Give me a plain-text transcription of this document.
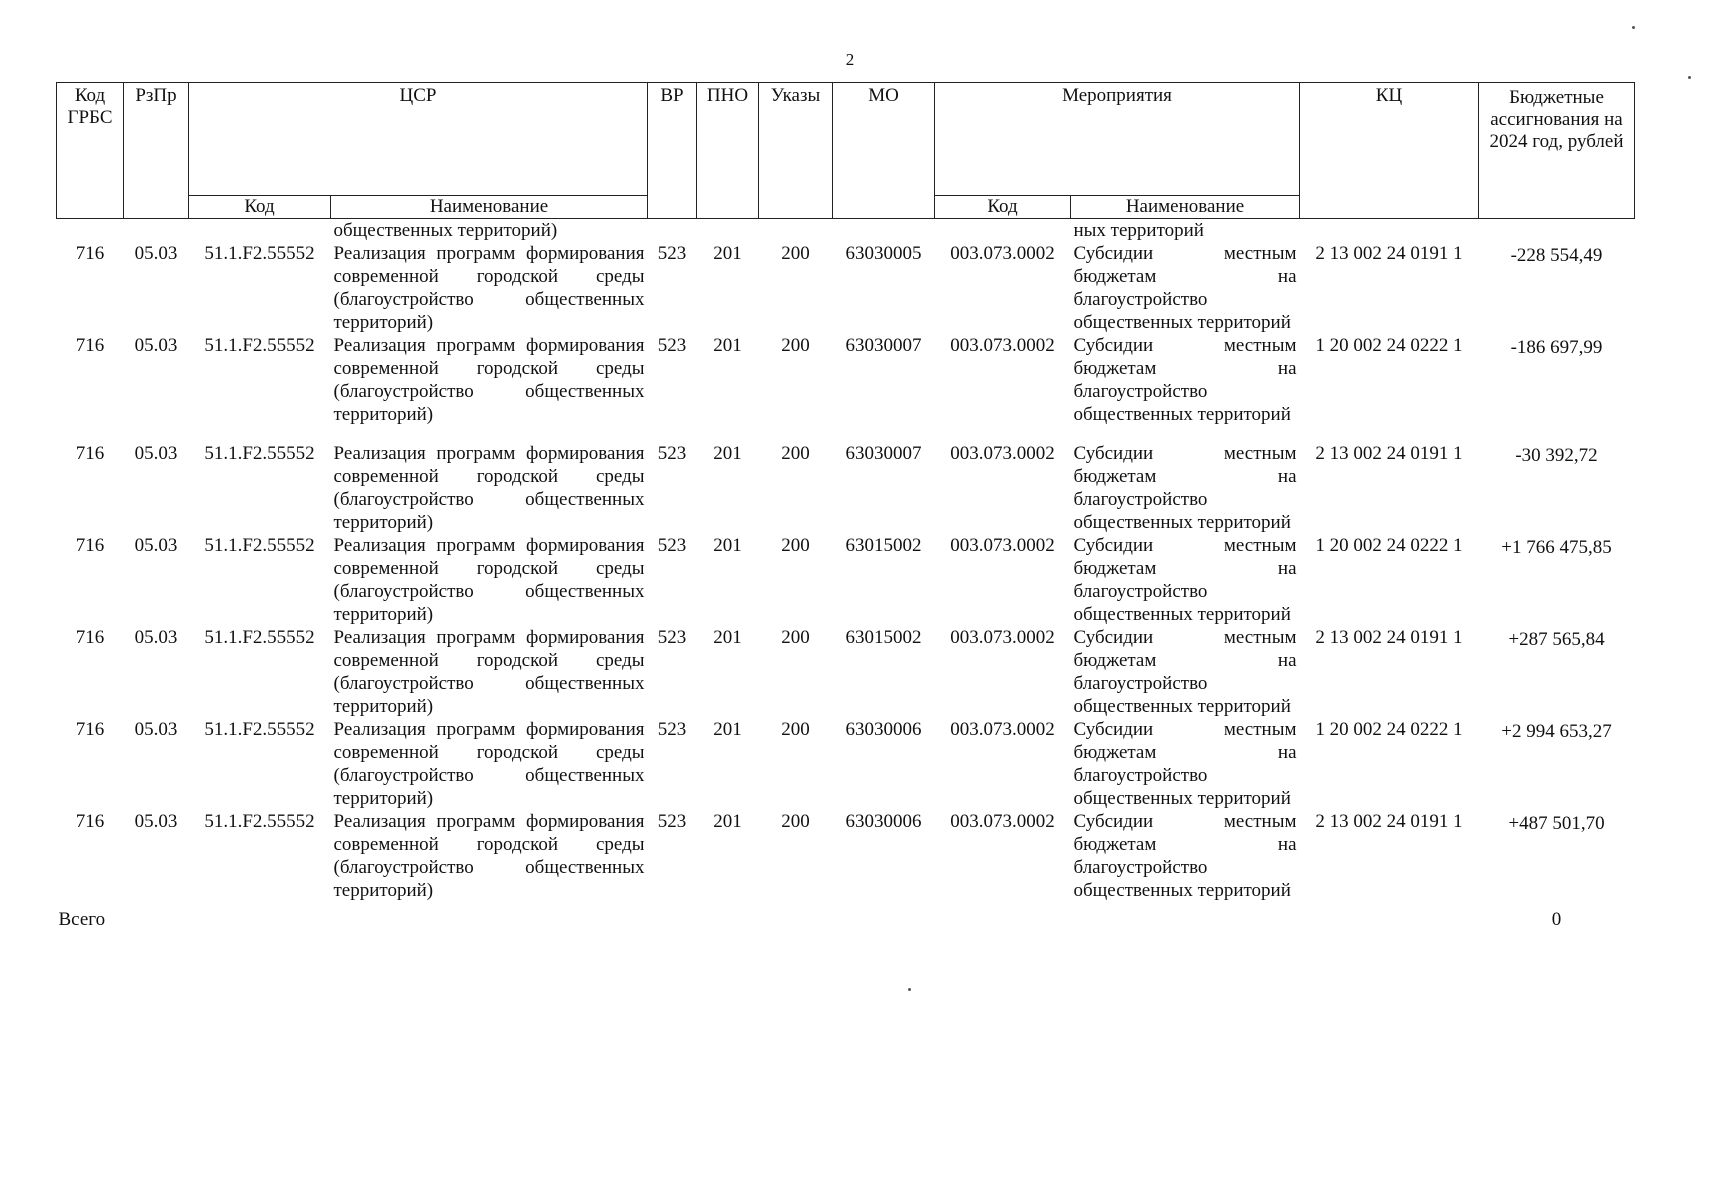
2
Код ГРБС	РзПр	ЦСР		ВР	ПНО	Указы	МО	Мероприятия		КЦ	Бюджетные ассигнования на 2024 год, рублей
		Код	Наименование					Код	Наименование		
			общественных территорий)						ных территорий		
716	05.03	51.1.F2.55552	Реализация программ формирования современной городской среды (благоустройство общественных территорий)	523	201	200	63030005	003.073.0002	Субсидии местным бюджетам на благоустройство общественных территорий	2 13 002 24 0191 1	-228 554,49
716	05.03	51.1.F2.55552	Реализация программ формирования современной городской среды (благоустройство общественных территорий)	523	201	200	63030007	003.073.0002	Субсидии местным бюджетам на благоустройство общественных территорий	1 20 002 24 0222 1	-186 697,99

716	05.03	51.1.F2.55552	Реализация программ формирования современной городской среды (благоустройство общественных территорий)	523	201	200	63030007	003.073.0002	Субсидии местным бюджетам на благоустройство общественных территорий	2 13 002 24 0191 1	-30 392,72
716	05.03	51.1.F2.55552	Реализация программ формирования современной городской среды (благоустройство общественных территорий)	523	201	200	63015002	003.073.0002	Субсидии местным бюджетам на благоустройство общественных территорий	1 20 002 24 0222 1	+1 766 475,85
716	05.03	51.1.F2.55552	Реализация программ формирования современной городской среды (благоустройство общественных территорий)	523	201	200	63015002	003.073.0002	Субсидии местным бюджетам на благоустройство общественных территорий	2 13 002 24 0191 1	+287 565,84
716	05.03	51.1.F2.55552	Реализация программ формирования современной городской среды (благоустройство общественных территорий)	523	201	200	63030006	003.073.0002	Субсидии местным бюджетам на благоустройство общественных территорий	1 20 002 24 0222 1	+2 994 653,27
716	05.03	51.1.F2.55552	Реализация программ формирования современной городской среды (благоустройство общественных территорий)	523	201	200	63030006	003.073.0002	Субсидии местным бюджетам на благоустройство общественных территорий	2 13 002 24 0191 1	+487 501,70
Всего											0
